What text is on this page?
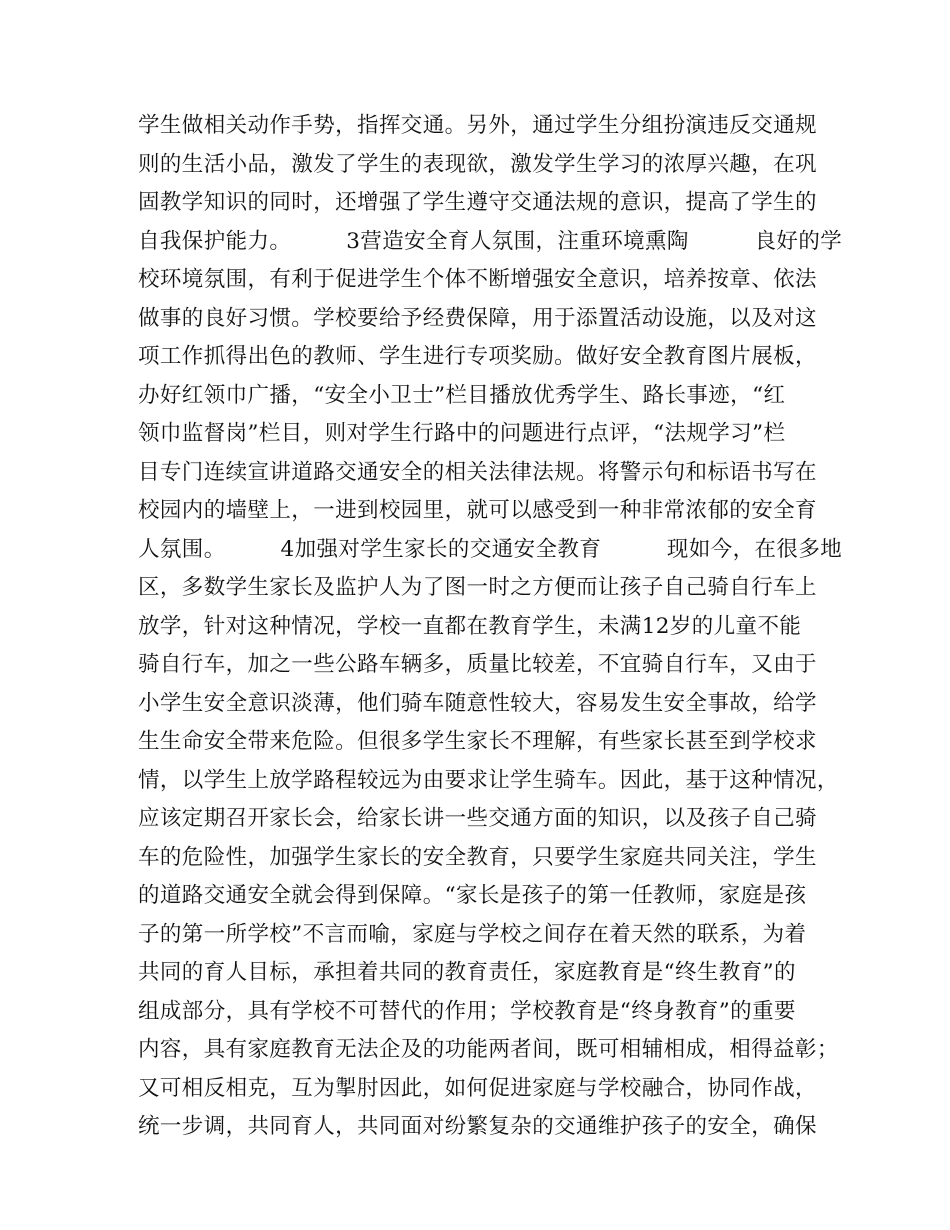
学生做相关动作手势，指挥交通。另外，通过学生分组扮演违反交通规
则的生活小品，激发了学生的表现欲，激发学生学习的浓厚兴趣，在巩
固教学知识的同时，还增强了学生遵守交通法规的意识，提高了学生的
自我保护能力。　　　3营造安全育人氛围，注重环境熏陶　　　良好的学
校环境氛围，有利于促进学生个体不断增强安全意识，培养按章、依法
做事的良好习惯。学校要给予经费保障，用于添置活动设施，以及对这
项工作抓得出色的教师、学生进行专项奖励。做好安全教育图片展板，
办好红领巾广播，“安全小卫士”栏目播放优秀学生、路长事迹，“红
领巾监督岗”栏目，则对学生行路中的问题进行点评，“法规学习”栏
目专门连续宣讲道路交通安全的相关法律法规。将警示句和标语书写在
校园内的墙壁上，一进到校园里，就可以感受到一种非常浓郁的安全育
人氛围。　　　4加强对学生家长的交通安全教育　　　现如今，在很多地
区，多数学生家长及监护人为了图一时之方便而让孩子自己骑自行车上
放学，针对这种情况，学校一直都在教育学生，未满12岁的儿童不能
骑自行车，加之一些公路车辆多，质量比较差，不宜骑自行车，又由于
小学生安全意识淡薄，他们骑车随意性较大，容易发生安全事故，给学
生生命安全带来危险。但很多学生家长不理解，有些家长甚至到学校求
情，以学生上放学路程较远为由要求让学生骑车。因此，基于这种情况，
应该定期召开家长会，给家长讲一些交通方面的知识，以及孩子自己骑
车的危险性，加强学生家长的安全教育，只要学生家庭共同关注，学生
的道路交通安全就会得到保障。“家长是孩子的第一任教师，家庭是孩
子的第一所学校”不言而喻，家庭与学校之间存在着天然的联系，为着
共同的育人目标，承担着共同的教育责任，家庭教育是“终生教育”的
组成部分，具有学校不可替代的作用；学校教育是“终身教育”的重要
内容，具有家庭教育无法企及的功能两者间，既可相辅相成，相得益彰；
又可相反相克，互为掣肘因此，如何促进家庭与学校融合，协同作战，
统一步调，共同育人，共同面对纷繁复杂的交通维护孩子的安全，确保
